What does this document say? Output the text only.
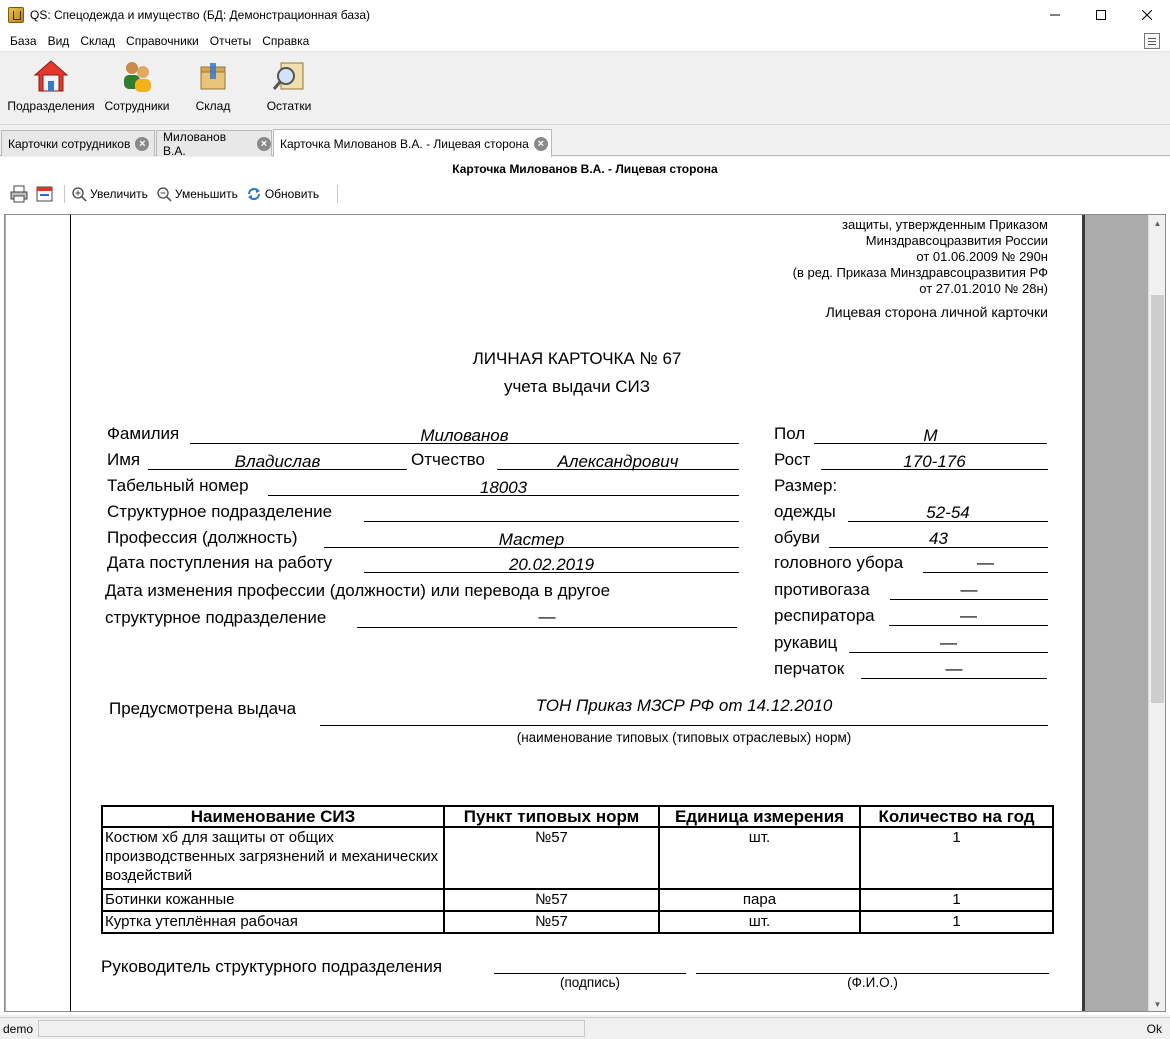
QS: Спецодежда и имущество (БД: Демонстрационная база)
База Вид Склад Справочники Отчеты Справка
Подразделения Сотрудники Склад	Остатки
Карточки сотрудников ×	Милованов В.А.	×	Карточка Милованов В.А. - Лицевая сторона ×
Карточка Милованов В.А. - Лицевая сторона
Увеличить Уменьшить Обновить
защиты, утвержденным Приказом
Минздравсоцразвития России
от 01.06.2009 № 290н
(в ред. Приказа Минздравсоцразвития РФ
от 27.01.2010 № 28н)
Лицевая сторона личной карточки
ЛИЧНАЯ КАРТОЧКА № 67
учета выдачи СИЗ
Фамилия	Милованов
Имя	Владислав	Отчество	Александрович
Табельный номер	18003
Структурное подразделение
Профессия (должность)	Мастер
Дата поступления на работу	20.02.2019
Дата изменения профессии (должности) или перевода в другое
структурное подразделение	—
Пол	М
Рост	170-176
Размер:
одежды	52-54
обуви	43
головного убора	—
противогаза	—
респиратора	—
рукавиц	—
перчаток	—
Предусмотрена выдача	ТОН Приказ МЗСР РФ от 14.12.2010
(наименование типовых (типовых отраслевых) норм)
Наименование СИЗ	Пункт типовых норм	Единица измерения	Количество на год
Костюм хб для защиты от общих производственных загрязнений и механических воздействий	№57	шт.	1
Ботинки кожанные	№57	пара	1
Куртка утеплённая рабочая	№57	шт.	1
Руководитель структурного подразделения
(подпись)	(Ф.И.О.)
▲
▼
demo	Ok
